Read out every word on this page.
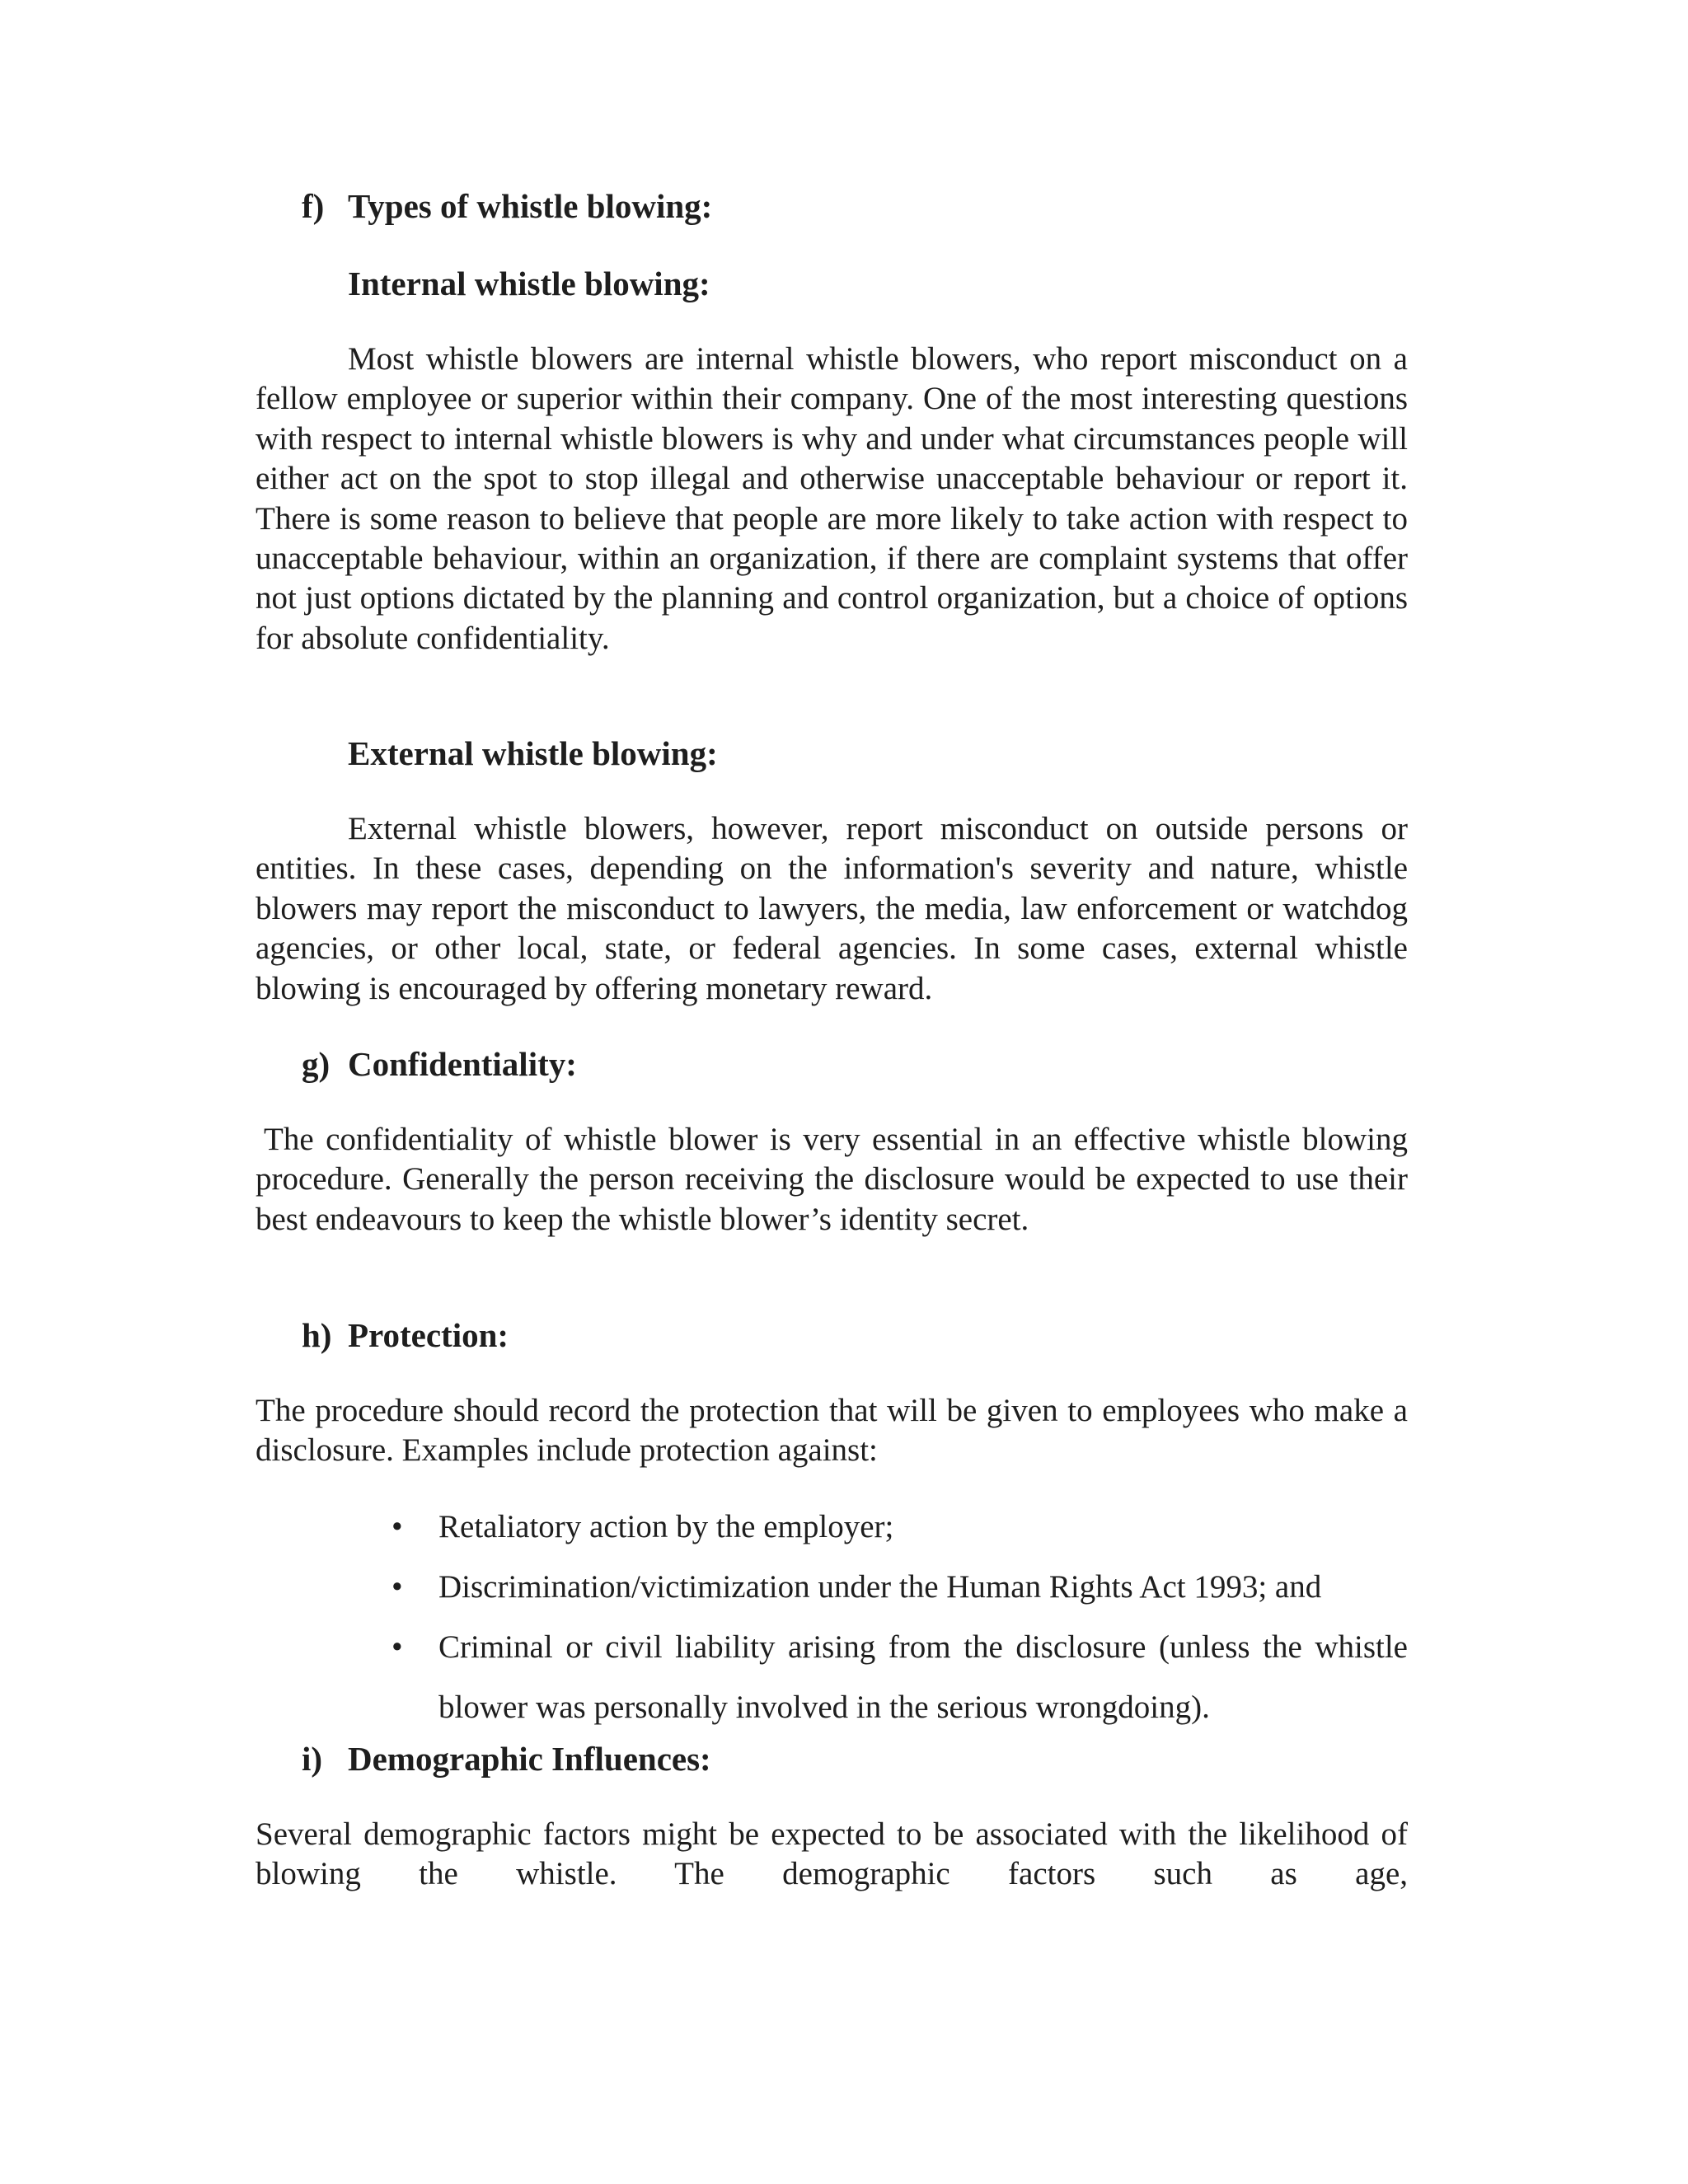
f) Types of whistle blowing:
Internal whistle blowing:

Most whistle blowers are internal whistle blowers, who report misconduct on a fellow employee or superior within their company. One of the most interesting questions with respect to internal whistle blowers is why and under what circumstances people will either act on the spot to stop illegal and otherwise unacceptable behaviour or report it. There is some reason to believe that people are more likely to take action with respect to unacceptable behaviour, within an organization, if there are complaint systems that offer not just options dictated by the planning and control organization, but a choice of options for absolute confidentiality.

External whistle blowing:

External whistle blowers, however, report misconduct on outside persons or entities. In these cases, depending on the information's severity and nature, whistle blowers may report the misconduct to lawyers, the media, law enforcement or watchdog agencies, or other local, state, or federal agencies. In some cases, external whistle blowing is encouraged by offering monetary reward.

g) Confidentiality:

The confidentiality of whistle blower is very essential in an effective whistle blowing procedure. Generally the person receiving the disclosure would be expected to use their best endeavours to keep the whistle blower’s identity secret.

h) Protection:

The procedure should record the protection that will be given to employees who make a disclosure. Examples include protection against:

• Retaliatory action by the employer;
• Discrimination/victimization under the Human Rights Act 1993; and
• Criminal or civil liability arising from the disclosure (unless the whistle blower was personally involved in the serious wrongdoing).
i) Demographic Influences:

Several demographic factors might be expected to be associated with the likelihood of blowing the whistle. The demographic factors such as age,
